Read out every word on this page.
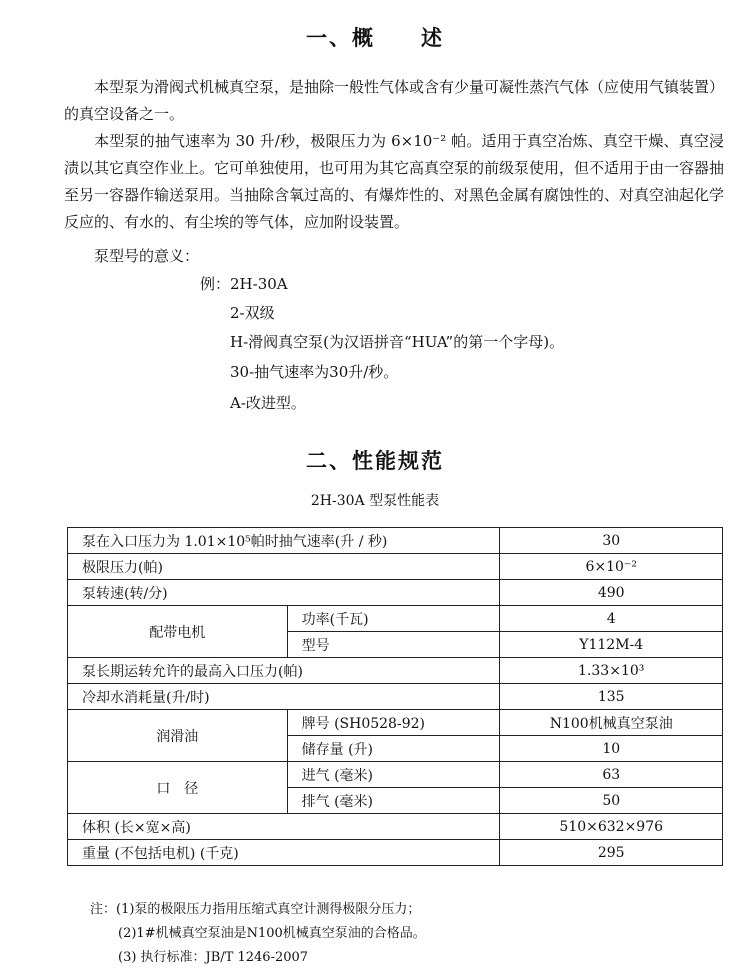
一、概　　述

本型泵为滑阀式机械真空泵，是抽除一般性气体或含有少量可凝性蒸汽气体（应使用气镇装置）的真空设备之一。

本型泵的抽气速率为 30 升/秒，极限压力为 6×10⁻² 帕。适用于真空冶炼、真空干燥、真空浸渍以其它真空作业上。它可单独使用，也可用为其它高真空泵的前级泵使用，但不适用于由一容器抽至另一容器作输送泵用。当抽除含氧过高的、有爆炸性的、对黑色金属有腐蚀性的、对真空油起化学反应的、有水的、有尘埃的等气体，应加附设装置。

泵型号的意义：
例：2H-30A
2-双级
H-滑阀真空泵(为汉语拼音“HUA”的第一个字母)。
30-抽气速率为30升/秒。
A-改进型。
二、性能规范
2H-30A 型泵性能表
泵在入口压力为 1.01×10⁵帕时抽气速率(升 / 秒)		30
极限压力(帕)		6×10⁻²
泵转速(转/分)		490
配带电机	功率(千瓦)	4
	型号	Y112M-4
泵长期运转允许的最高入口压力(帕)		1.33×10³
冷却水消耗量(升/时)		135
润滑油	牌号 (SH0528-92)	N100机械真空泵油
	储存量 (升)	10
口　径	进气 (毫米)	63
	排气 (毫米)	50
体积 (长×宽×高)		510×632×976
重量 (不包括电机) (千克)		295
注：(1)泵的极限压力指用压缩式真空计测得极限分压力；
(2)1#机械真空泵油是N100机械真空泵油的合格品。
(3) 执行标准：JB/T 1246-2007
